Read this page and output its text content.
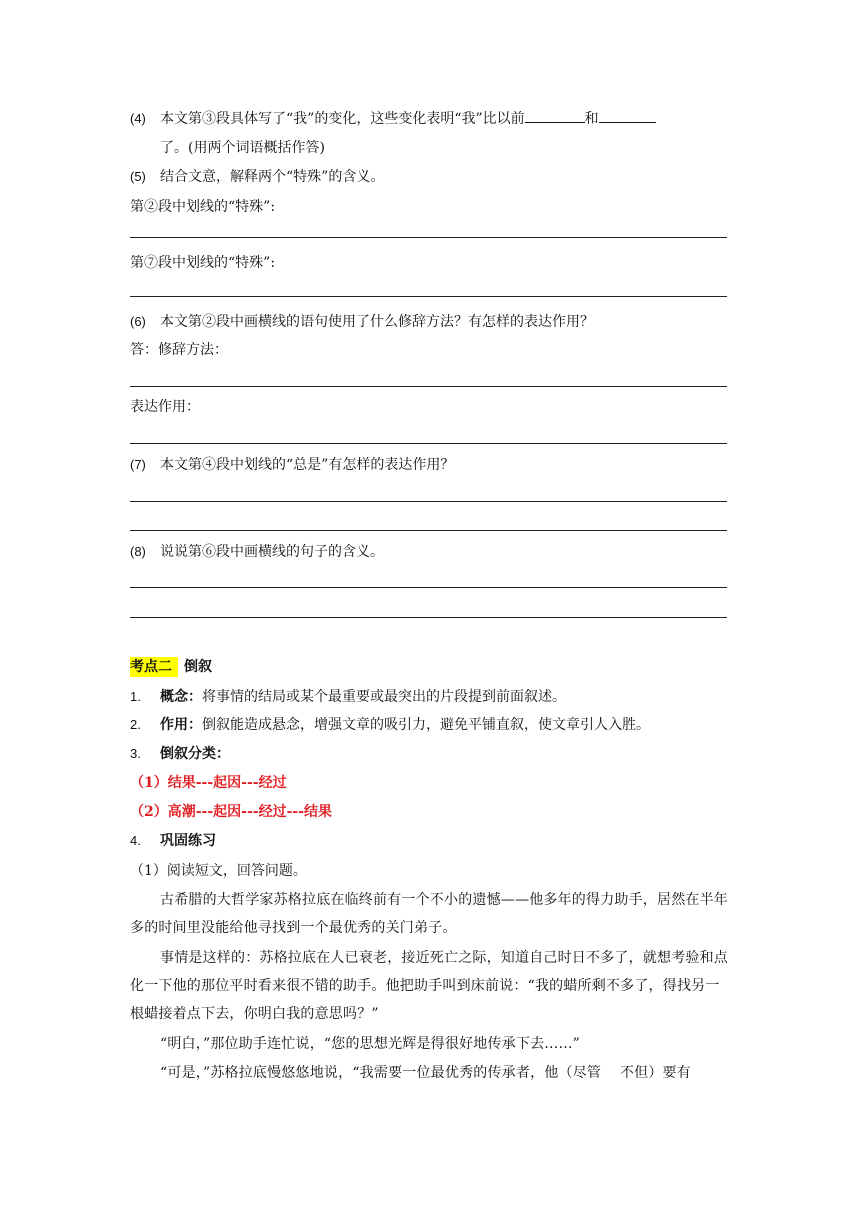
(4) 本文第③段具体写了“我”的变化，这些变化表明“我”比以前	和
了。(用两个词语概括作答)
(5) 结合文意，解释两个“特殊”的含义。
第②段中划线的“特殊”:
第⑦段中划线的“特殊”:
(6) 本文第②段中画横线的语句使用了什么修辞方法？有怎样的表达作用？
答：修辞方法：
表达作用：
(7) 本文第④段中划线的“总是”有怎样的表达作用？
(8) 说说第⑥段中画横线的句子的含义。
考点二 倒叙
1. 概念：将事情的结局或某个最重要或最突出的片段提到前面叙述。
2. 作用：倒叙能造成悬念，增强文章的吸引力，避免平铺直叙，使文章引人入胜。
3. 倒叙分类：
（1）结果---起因---经过
（2）高潮---起因---经过---结果
4. 巩固练习
（1）阅读短文，回答问题。
古希腊的大哲学家苏格拉底在临终前有一个不小的遗憾——他多年的得力助手，居然在半年多的时间里没能给他寻找到一个最优秀的关门弟子。
事情是这样的：苏格拉底在人已衰老，接近死亡之际，知道自己时日不多了，就想考验和点化一下他的那位平时看来很不错的助手。他把助手叫到床前说：“我的蜡所剩不多了，得找另一根蜡接着点下去，你明白我的意思吗？”
“明白，”那位助手连忙说，“您的思想光辉是得很好地传承下去……”
“可是，”苏格拉底慢悠悠地说，“我需要一位最优秀的传承者，他（尽管　 不但）要有
